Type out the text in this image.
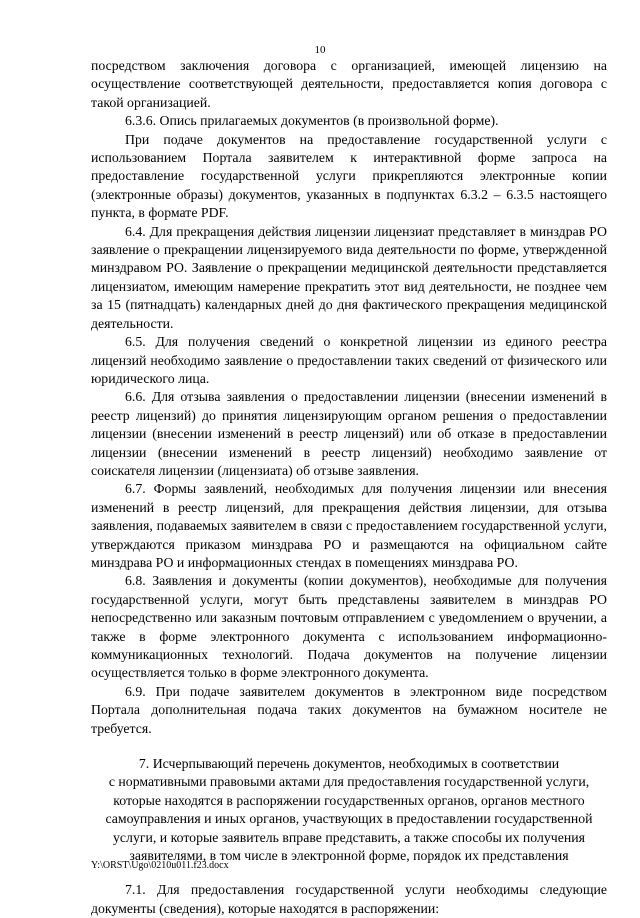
10

посредством заключения договора с организацией, имеющей лицензию на осуществление соответствующей деятельности, предоставляется копия договора с такой организацией.

6.3.6. Опись прилагаемых документов (в произвольной форме).

При подаче документов на предоставление государственной услуги с использованием Портала заявителем к интерактивной форме запроса на предоставление государственной услуги прикрепляются электронные копии (электронные образы) документов, указанных в подпунктах 6.3.2 – 6.3.5 настоящего пункта, в формате PDF.

6.4. Для прекращения действия лицензии лицензиат представляет в минздрав РО заявление о прекращении лицензируемого вида деятельности по форме, утвержденной минздравом РО. Заявление о прекращении медицинской деятельности представляется лицензиатом, имеющим намерение прекратить этот вид деятельности, не позднее чем за 15 (пятнадцать) календарных дней до дня фактического прекращения медицинской деятельности.

6.5. Для получения сведений о конкретной лицензии из единого реестра лицензий необходимо заявление о предоставлении таких сведений от физического или юридического лица.

6.6. Для отзыва заявления о предоставлении лицензии (внесении изменений в реестр лицензий) до принятия лицензирующим органом решения о предоставлении лицензии (внесении изменений в реестр лицензий) или об отказе в предоставлении лицензии (внесении изменений в реестр лицензий) необходимо заявление от соискателя лицензии (лицензиата) об отзыве заявления.

6.7. Формы заявлений, необходимых для получения лицензии или внесения изменений в реестр лицензий, для прекращения действия лицензии, для отзыва заявления, подаваемых заявителем в связи с предоставлением государственной услуги, утверждаются приказом минздрава РО и размещаются на официальном сайте минздрава РО и информационных стендах в помещениях минздрава РО.

6.8. Заявления и документы (копии документов), необходимые для получения государственной услуги, могут быть представлены заявителем в минздрав РО непосредственно или заказным почтовым отправлением с уведомлением о вручении, а также в форме электронного документа с использованием информационно-коммуникационных технологий. Подача документов на получение лицензии осуществляется только в форме электронного документа.

6.9. При подаче заявителем документов в электронном виде посредством Портала дополнительная подача таких документов на бумажном носителе не требуется.

7. Исчерпывающий перечень документов, необходимых в соответствии

с нормативными правовыми актами для предоставления государственной услуги,

которые находятся в распоряжении государственных органов, органов местного

самоуправления и иных органов, участвующих в предоставлении государственной

услуги, и которые заявитель вправе представить, а также способы их получения

заявителями, в том числе в электронной форме, порядок их представления

7.1. Для предоставления государственной услуги необходимы следующие документы (сведения), которые находятся в распоряжении:

Y:\ORST\Ugo\0210u011.f23.docx
